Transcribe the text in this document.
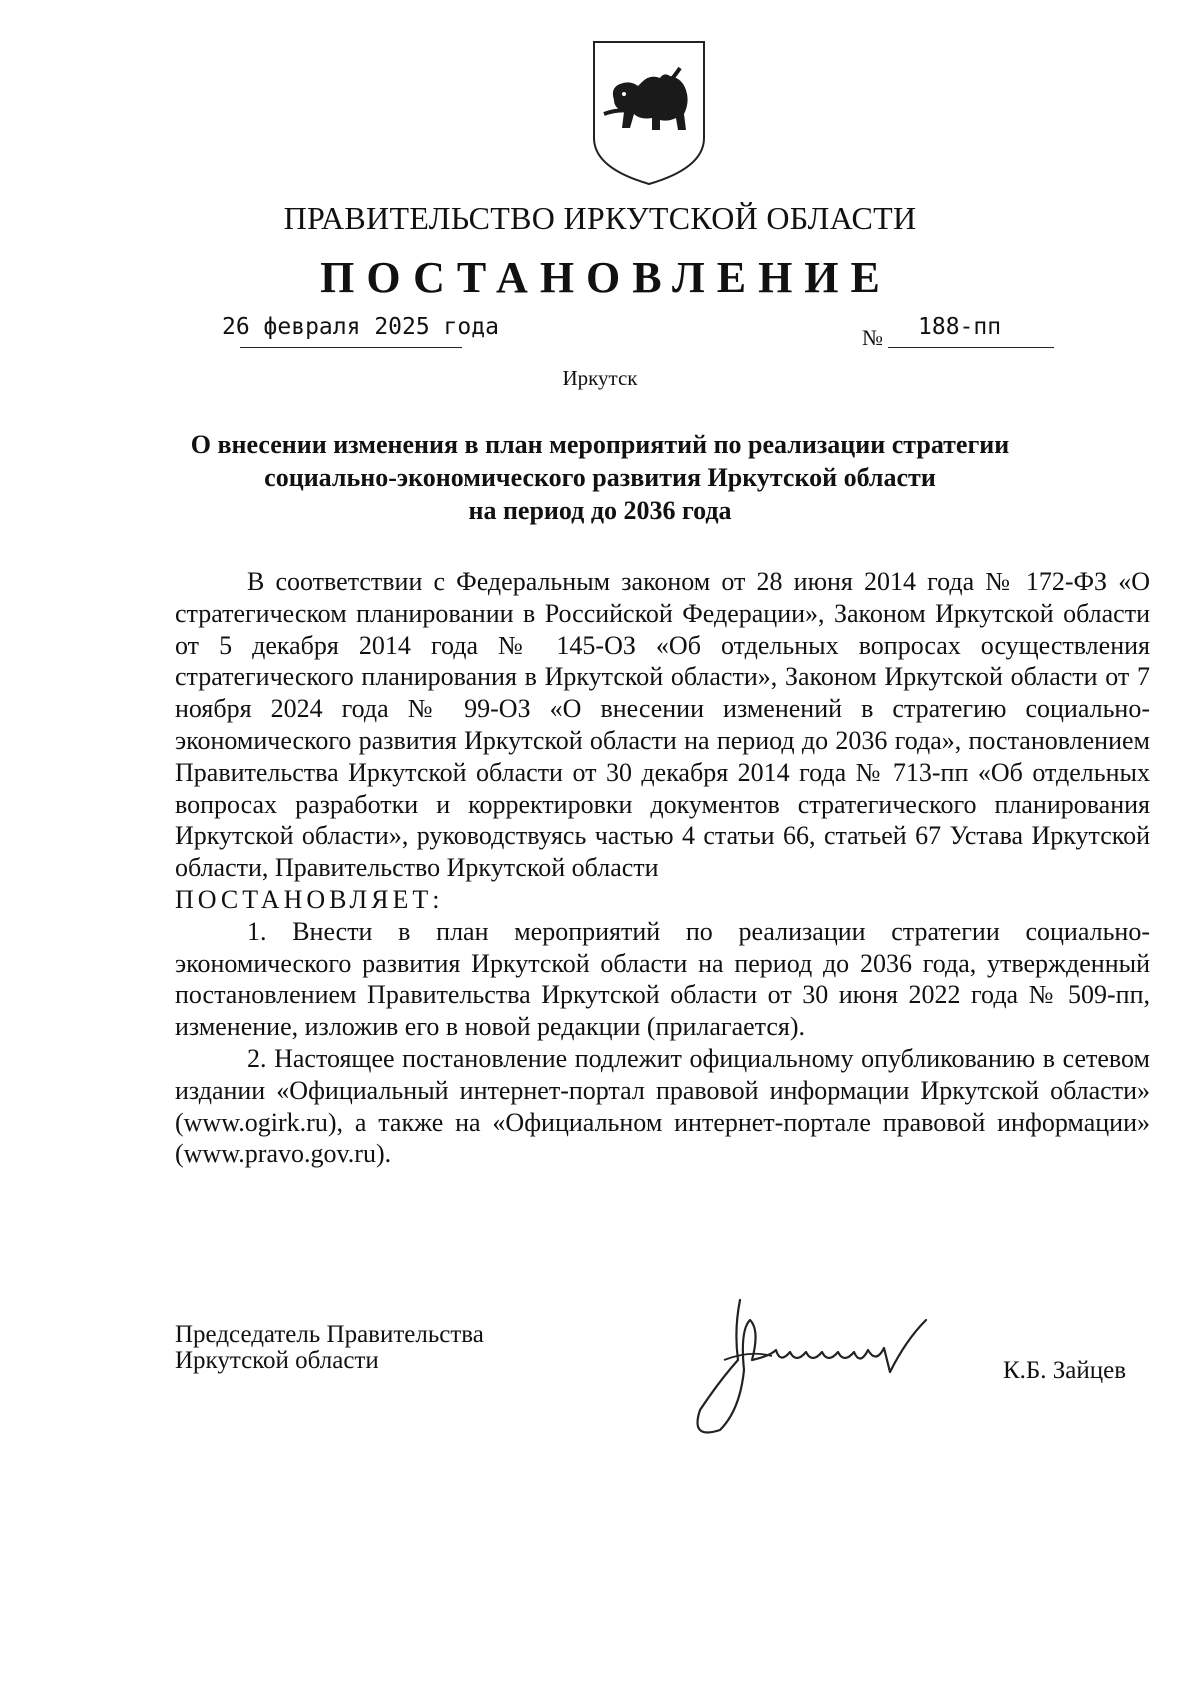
ПРАВИТЕЛЬСТВО ИРКУТСКОЙ ОБЛАСТИ
ПОСТАНОВЛЕНИЕ
26 февраля 2025 года	№ 188-пп
Иркутск
О внесении изменения в план мероприятий по реализации стратегии
социально-экономического развития Иркутской области
на период до 2036 года

В соответствии с Федеральным законом от 28 июня 2014 года № 172-ФЗ «О стратегическом планировании в Российской Федерации», Законом Иркутской области от 5 декабря 2014 года № 145-ОЗ «Об отдельных вопросах осуществления стратегического планирования в Иркутской области», Законом Иркутской области от 7 ноября 2024 года № 99-ОЗ «О внесении изменений в стратегию социально-экономического развития Иркутской области на период до 2036 года», постановлением Правительства Иркутской области от 30 декабря 2014 года № 713-пп «Об отдельных вопросах разработки и корректировки документов стратегического планирования Иркутской области», руководствуясь частью 4 статьи 66, статьей 67 Устава Иркутской области, Правительство Иркутской области

ПОСТАНОВЛЯЕТ:

1. Внести в план мероприятий по реализации стратегии социально-экономического развития Иркутской области на период до 2036 года, утвержденный постановлением Правительства Иркутской области от 30 июня 2022 года № 509-пп, изменение, изложив его в новой редакции (прилагается).

2. Настоящее постановление подлежит официальному опубликованию в сетевом издании «Официальный интернет-портал правовой информации Иркутской области» (www.ogirk.ru), а также на «Официальном интернет-портале правовой информации» (www.pravo.gov.ru).

Председатель Правительства
Иркутской области	К.Б. Зайцев
